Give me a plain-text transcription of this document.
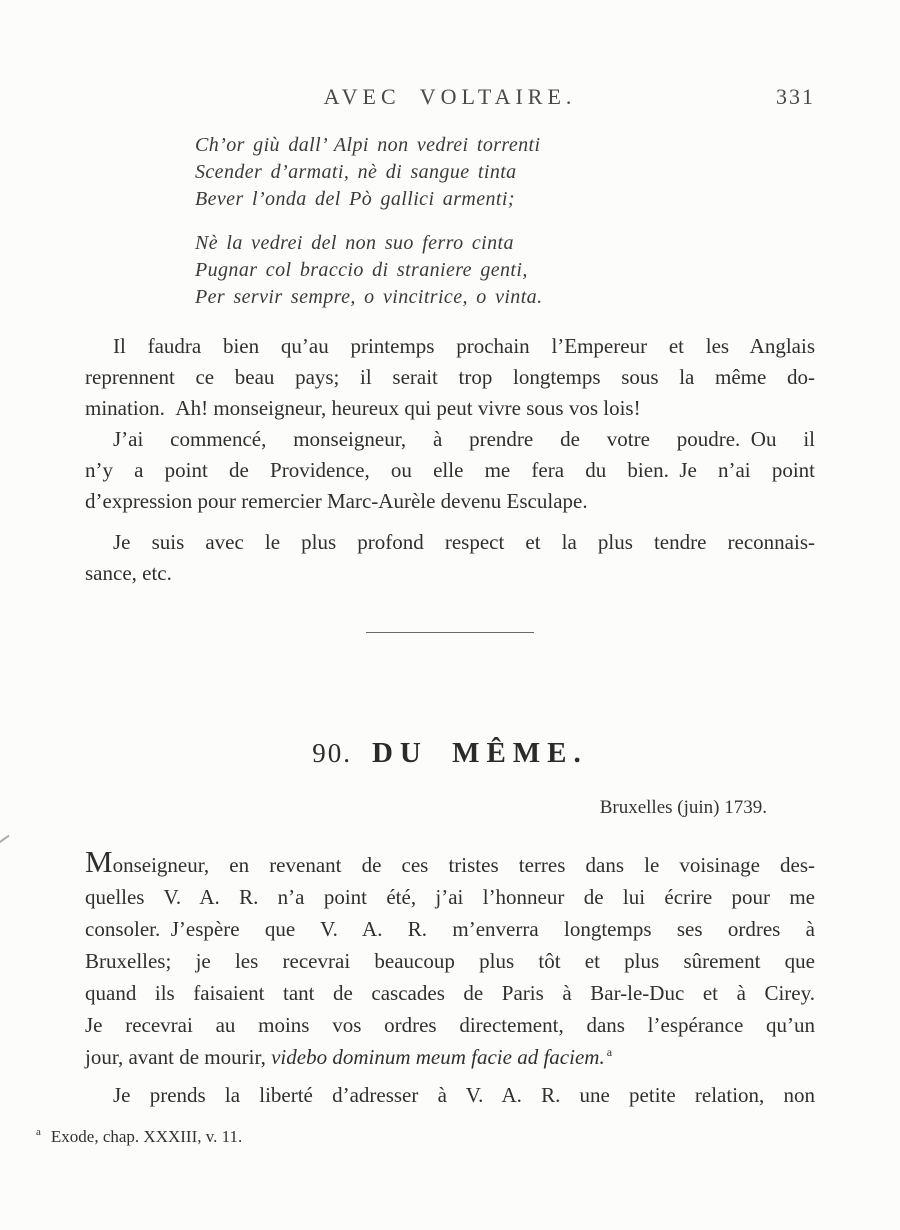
AVEC VOLTAIRE.	331
Ch’or giù dall’ Alpi non vedrei torrenti
Scender d’armati, nè di sangue tinta
Bever l’onda del Pò gallici armenti;
Nè la vedrei del non suo ferro cinta
Pugnar col braccio di straniere genti,
Per servir sempre, o vincitrice, o vinta.
Il faudra bien qu’au printemps prochain l’Empereur et les Anglais
reprennent ce beau pays; il serait trop longtemps sous la même do-
mination. Ah! monseigneur, heureux qui peut vivre sous vos lois!
J’ai commencé, monseigneur, à prendre de votre poudre. Ou il
n’y a point de Providence, ou elle me fera du bien. Je n’ai point
d’expression pour remercier Marc-Aurèle devenu Esculape.
Je suis avec le plus profond respect et la plus tendre reconnais-
sance, etc.
90. DU MÊME.
Bruxelles (juin) 1739.
Monseigneur, en revenant de ces tristes terres dans le voisinage des-
quelles V. A. R. n’a point été, j’ai l’honneur de lui écrire pour me
consoler. J’espère que V. A. R. m’enverra longtemps ses ordres à
Bruxelles; je les recevrai beaucoup plus tôt et plus sûrement que
quand ils faisaient tant de cascades de Paris à Bar-le-Duc et à Cirey.
Je recevrai au moins vos ordres directement, dans l’espérance qu’un
jour, avant de mourir, videbo dominum meum facie ad faciem. $^a$
Je prends la liberté d’adresser à V. A. R. une petite relation, non
$^a$ Exode, chap. XXXIII, v. 11.
